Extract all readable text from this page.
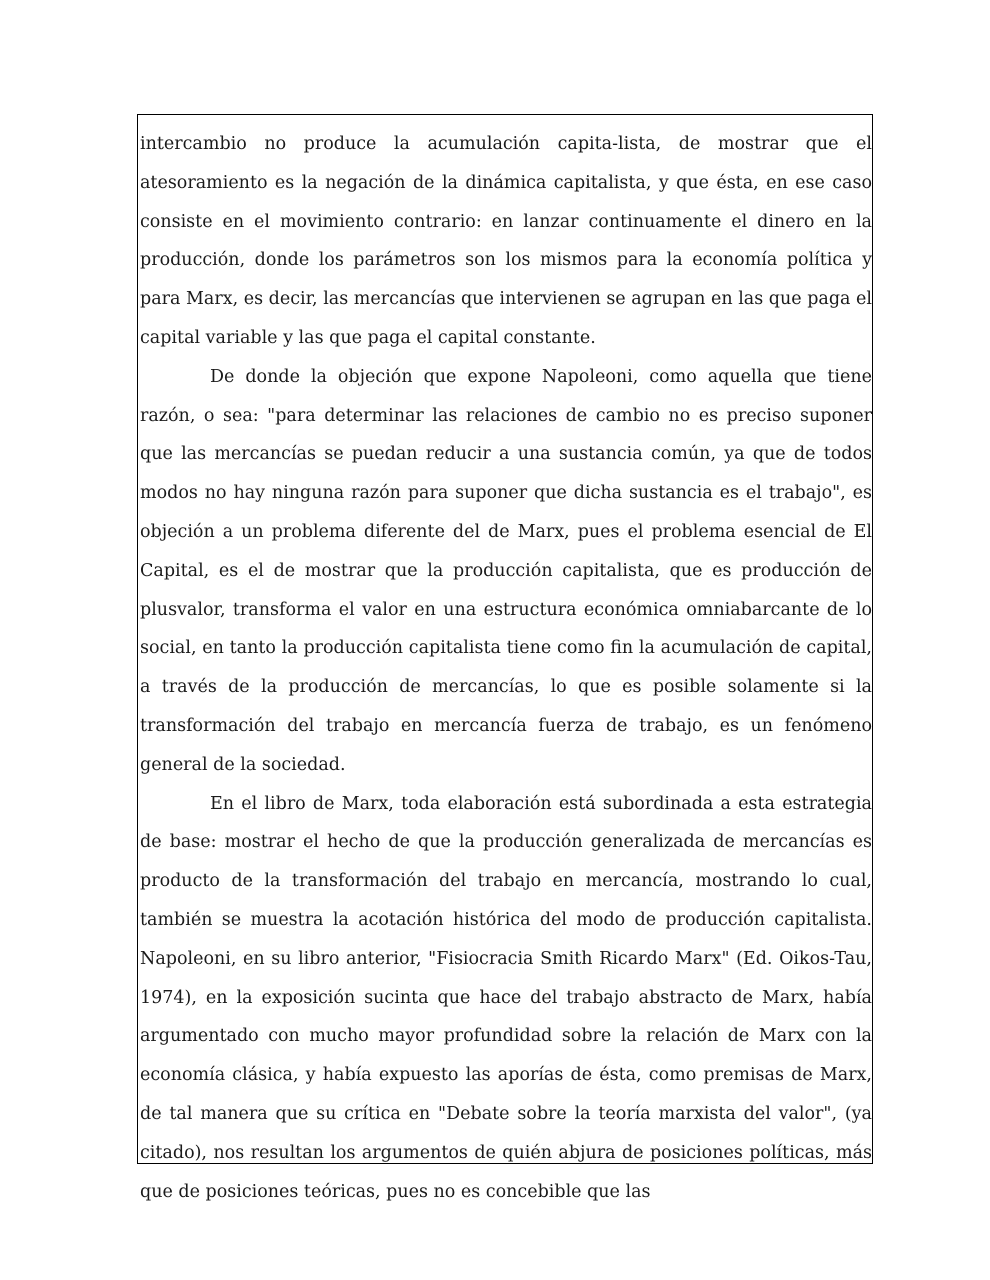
intercambio no produce la acumulación capita-lista, de mostrar que el atesoramiento es la negación de la dinámica capitalista, y que ésta, en ese caso consiste en el movimiento contrario: en lanzar continuamente el dinero en la producción, donde los parámetros son los mismos para la economía política y para Marx, es decir, las mercancías que intervienen se agrupan en las que paga el capital variable y las que paga el capital constante.

De donde la objeción que expone Napoleoni, como aquella que tiene razón, o sea: "para determinar las relaciones de cambio no es preciso suponer que las mercancías se puedan reducir a una sustancia común, ya que de todos modos no hay ninguna razón para suponer que dicha sustancia es el trabajo", es objeción a un problema diferente del de Marx, pues el problema esencial de El Capital, es el de mostrar que la producción capitalista, que es producción de plusvalor, transforma el valor en una estructura económica omniabarcante de lo social, en tanto la producción capitalista tiene como fin la acumulación de capital, a través de la producción de mercancías, lo que es posible solamente si la transformación del trabajo en mercancía fuerza de trabajo, es un fenómeno general de la sociedad.

En el libro de Marx, toda elaboración está subordinada a esta estrategia de base: mostrar el hecho de que la producción generalizada de mercancías es producto de la transformación del trabajo en mercancía, mostrando lo cual, también se muestra la acotación histórica del modo de producción capitalista. Napoleoni, en su libro anterior, "Fisiocracia Smith Ricardo Marx" (Ed. Oikos-Tau, 1974), en la exposición sucinta que hace del trabajo abstracto de Marx, había argumentado con mucho mayor profundidad sobre la relación de Marx con la economía clásica, y había expuesto las aporías de ésta, como premisas de Marx, de tal manera que su crítica en "Debate sobre la teoría marxista del valor", (ya citado), nos resultan los argumentos de quién abjura de posiciones políticas, más que de posiciones teóricas, pues no es concebible que las
